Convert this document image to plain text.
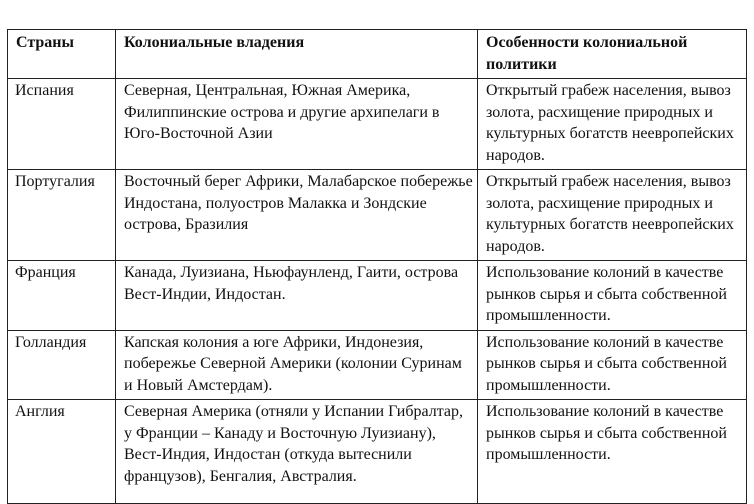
Страны	Колониальные владения	Особенности колониальной политики
Испания	Северная, Центральная, Южная Америка, Филиппинские острова и другие архипелаги в Юго-Восточной Азии	Открытый грабеж населения, вывоз золота, расхищение природных и культурных богатств неевропейских народов.
Португалия	Восточный берег Африки, Малабарское побережье Индостана, полуостров Малакка и Зондские острова, Бразилия	Открытый грабеж населения, вывоз золота, расхищение природных и культурных богатств неевропейских народов.
Франция	Канада, Луизиана, Ньюфаунленд, Гаити, острова Вест-Индии, Индостан.	Использование колоний в качестве рынков сырья и сбыта собственной промышленности.
Голландия	Капская колония а юге Африки, Индонезия, побережье Северной Америки (колонии Суринам и Новый Амстердам).	Использование колоний в качестве рынков сырья и сбыта собственной промышленности.
Англия	Северная Америка (отняли у Испании Гибралтар, у Франции – Канаду и Восточную Луизиану), Вест-Индия, Индостан (откуда вытеснили французов), Бенгалия, Австралия.	Использование колоний в качестве рынков сырья и сбыта собственной промышленности.
